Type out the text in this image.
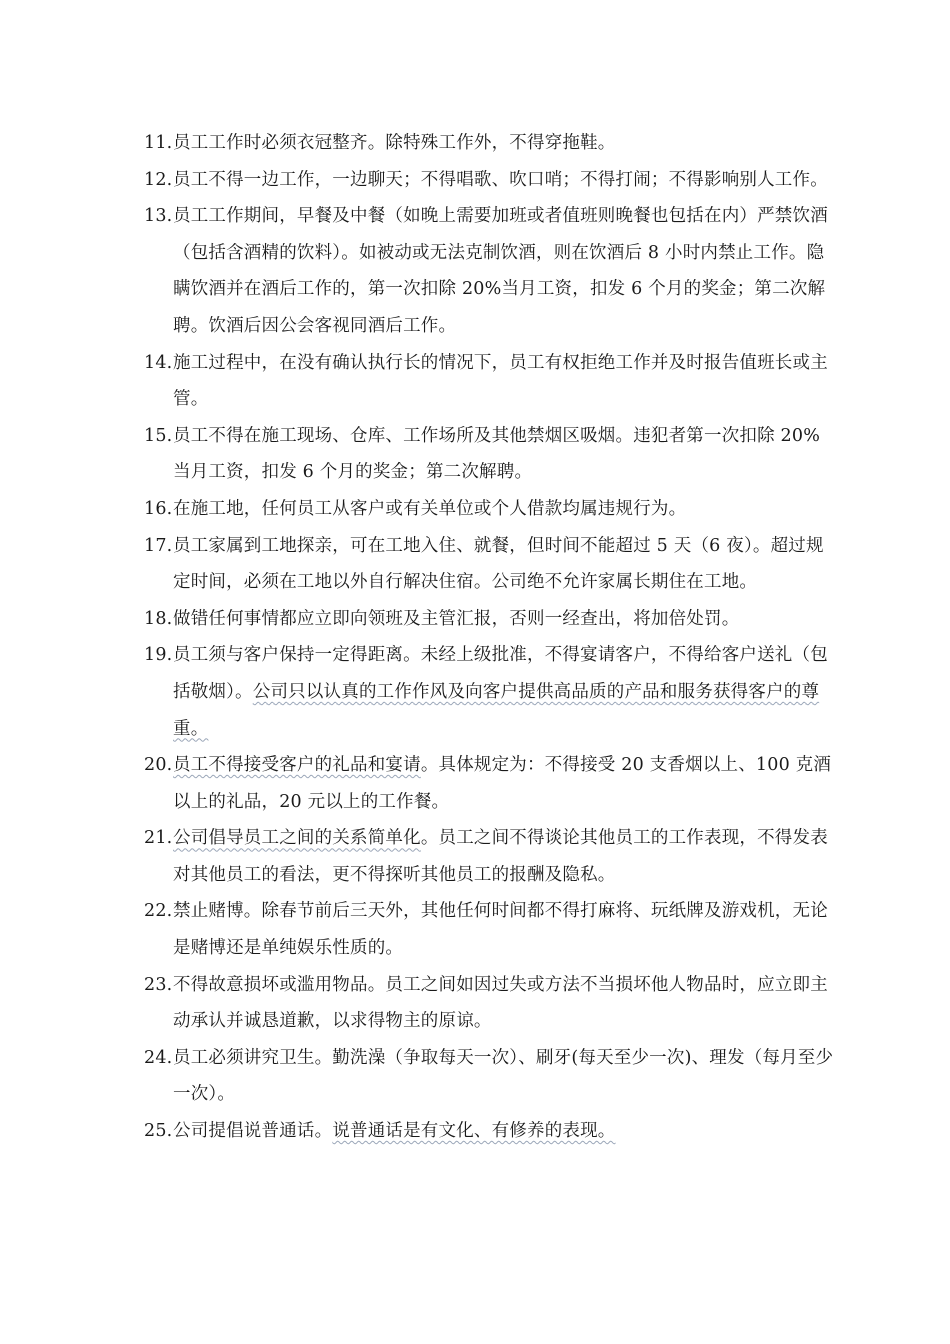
11. 员工工作时必须衣冠整齐。除特殊工作外，不得穿拖鞋。
12. 员工不得一边工作，一边聊天；不得唱歌、吹口哨；不得打闹；不得影响别人工作。
13. 员工工作期间，早餐及中餐（如晚上需要加班或者值班则晚餐也包括在内）严禁饮酒（包括含酒精的饮料）。如被动或无法克制饮酒，则在饮酒后 8 小时内禁止工作。隐瞒饮酒并在酒后工作的，第一次扣除 20%当月工资，扣发 6 个月的奖金；第二次解聘。饮酒后因公会客视同酒后工作。
14. 施工过程中，在没有确认执行长的情况下，员工有权拒绝工作并及时报告值班长或主管。
15. 员工不得在施工现场、仓库、工作场所及其他禁烟区吸烟。违犯者第一次扣除 20%当月工资，扣发 6 个月的奖金；第二次解聘。
16. 在施工地，任何员工从客户或有关单位或个人借款均属违规行为。
17. 员工家属到工地探亲，可在工地入住、就餐，但时间不能超过 5 天（6 夜）。超过规定时间，必须在工地以外自行解决住宿。公司绝不允许家属长期住在工地。
18. 做错任何事情都应立即向领班及主管汇报，否则一经查出，将加倍处罚。
19. 员工须与客户保持一定得距离。未经上级批准，不得宴请客户，不得给客户送礼（包括敬烟）。公司只以认真的工作作风及向客户提供高品质的产品和服务获得客户的尊重。
20. 员工不得接受客户的礼品和宴请。具体规定为：不得接受 20 支香烟以上、100 克酒以上的礼品，20 元以上的工作餐。
21. 公司倡导员工之间的关系简单化。员工之间不得谈论其他员工的工作表现，不得发表对其他员工的看法，更不得探听其他员工的报酬及隐私。
22. 禁止赌博。除春节前后三天外，其他任何时间都不得打麻将、玩纸牌及游戏机，无论是赌博还是单纯娱乐性质的。
23. 不得故意损坏或滥用物品。员工之间如因过失或方法不当损坏他人物品时，应立即主动承认并诚恳道歉，以求得物主的原谅。
24. 员工必须讲究卫生。勤洗澡（争取每天一次）、刷牙(每天至少一次)、理发（每月至少一次）。
25. 公司提倡说普通话。说普通话是有文化、有修养的表现。
